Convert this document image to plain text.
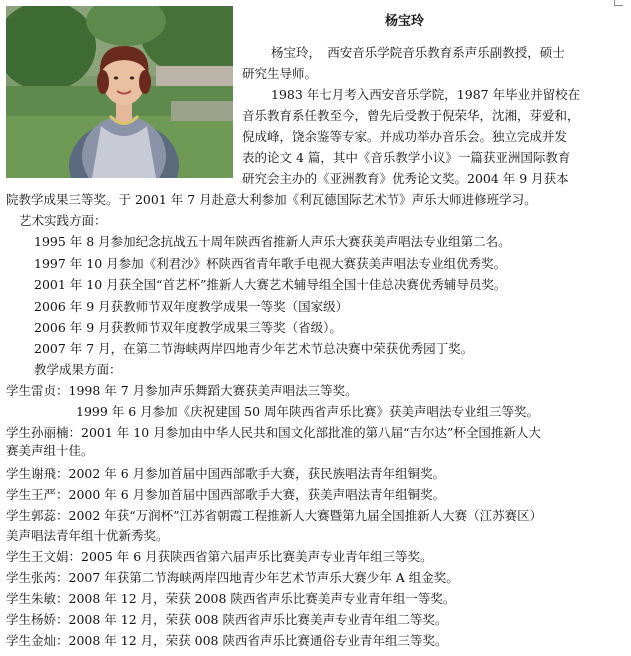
杨宝玲
杨宝玲，　西安音乐学院音乐教育系声乐副教授，硕士
研究生导师。
1983 年七月考入西安音乐学院，1987 年毕业并留校在
音乐教育系任教至今，曾先后受教于倪荣华，沈湘，芽爱和，
倪成峰，饶余鉴等专家。并成功举办音乐会。独立完成并发
表的论文 4 篇，其中《音乐教学小议》一篇获亚洲国际教育
研究会主办的《亚洲教育》优秀论文奖。2004 年 9 月获本
院教学成果三等奖。于 2001 年 7 月赴意大利参加《利瓦德国际艺术节》声乐大师进修班学习。
艺术实践方面：
1995 年 8 月参加纪念抗战五十周年陕西省推新人声乐大赛获美声唱法专业组第二名。
1997 年 10 月参加《利君沙》杯陕西省青年歌手电视大赛获美声唱法专业组优秀奖。
2001 年 10 月获全国“首艺杯”推新人大赛艺术辅导组全国十佳总决赛优秀辅导员奖。
2006 年 9 月获教师节双年度教学成果一等奖（国家级）
2006 年 9 月获教师节双年度教学成果三等奖（省级）。
2007 年 7 月，在第二节海峡两岸四地青少年艺术节总决赛中荣获优秀园丁奖。
教学成果方面：
学生雷贞：1998 年 7 月参加声乐舞蹈大赛获美声唱法三等奖。
1999 年 6 月参加《庆祝建国 50 周年陕西省声乐比赛》获美声唱法专业组三等奖。
学生孙丽楠：2001 年 10 月参加由中华人民共和国文化部批准的第八届“吉尔达”杯全国推新人大
赛美声组十佳。
学生谢飛：2002 年 6 月参加首届中国西部歌手大赛，获民族唱法青年组铜奖。
学生王严：2000 年 6 月参加首届中国西部歌手大赛，获美声唱法青年组铜奖。
学生郭蕊：2002 年获“万润杯”江苏省朝霞工程推新人大赛暨第九届全国推新人大赛（江苏赛区）
美声唱法青年组十优新秀奖。
学生王文娟：2005 年 6 月获陕西省第六届声乐比赛美声专业青年组三等奖。
学生张芮：2007 年获第二节海峡两岸四地青少年艺术节声乐大赛少年 A 组金奖。
学生朱敏：2008 年 12 月，荣获 2008 陕西省声乐比赛美声专业青年组一等奖。
学生杨娇：2008 年 12 月，荣获 008 陕西省声乐比赛美声专业青年组二等奖。
学生金灿：2008 年 12 月，荣获 008 陕西省声乐比赛通俗专业青年组三等奖。
